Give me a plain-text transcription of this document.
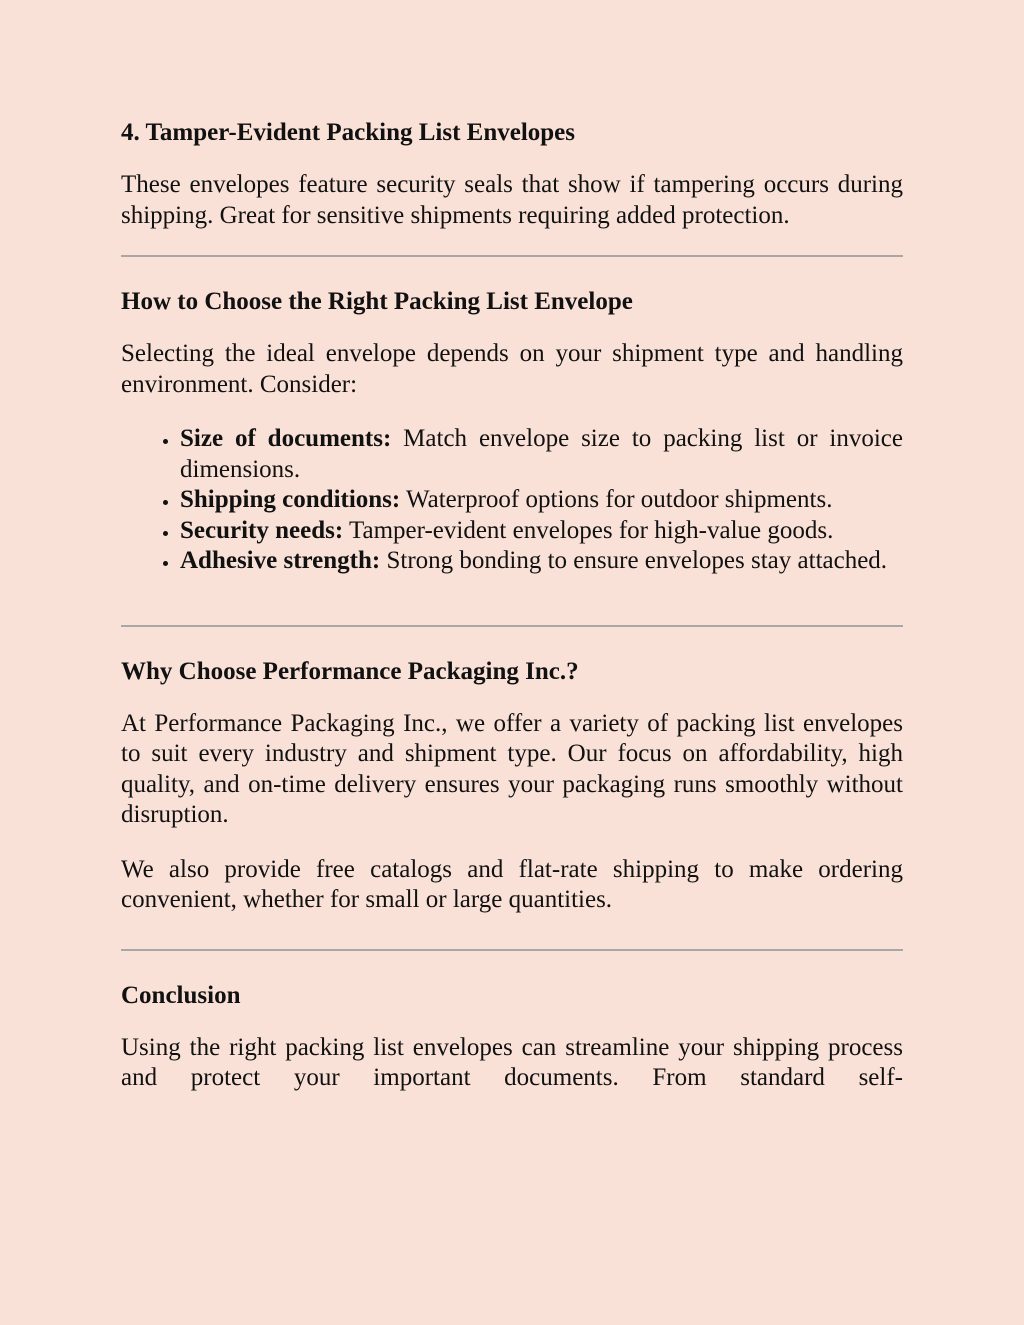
4. Tamper-Evident Packing List Envelopes

These envelopes feature security seals that show if tampering occurs during shipping. Great for sensitive shipments requiring added protection.

How to Choose the Right Packing List Envelope

Selecting the ideal envelope depends on your shipment type and handling environment. Consider:

• Size of documents: Match envelope size to packing list or invoice dimensions.
• Shipping conditions: Waterproof options for outdoor shipments.
• Security needs: Tamper-evident envelopes for high-value goods.
• Adhesive strength: Strong bonding to ensure envelopes stay attached.
Why Choose Performance Packaging Inc.?

At Performance Packaging Inc., we offer a variety of packing list envelopes to suit every industry and shipment type. Our focus on affordability, high quality, and on-time delivery ensures your packaging runs smoothly without disruption.

We also provide free catalogs and flat-rate shipping to make ordering convenient, whether for small or large quantities.

Conclusion

Using the right packing list envelopes can streamline your shipping process and protect your important documents. From standard self-
